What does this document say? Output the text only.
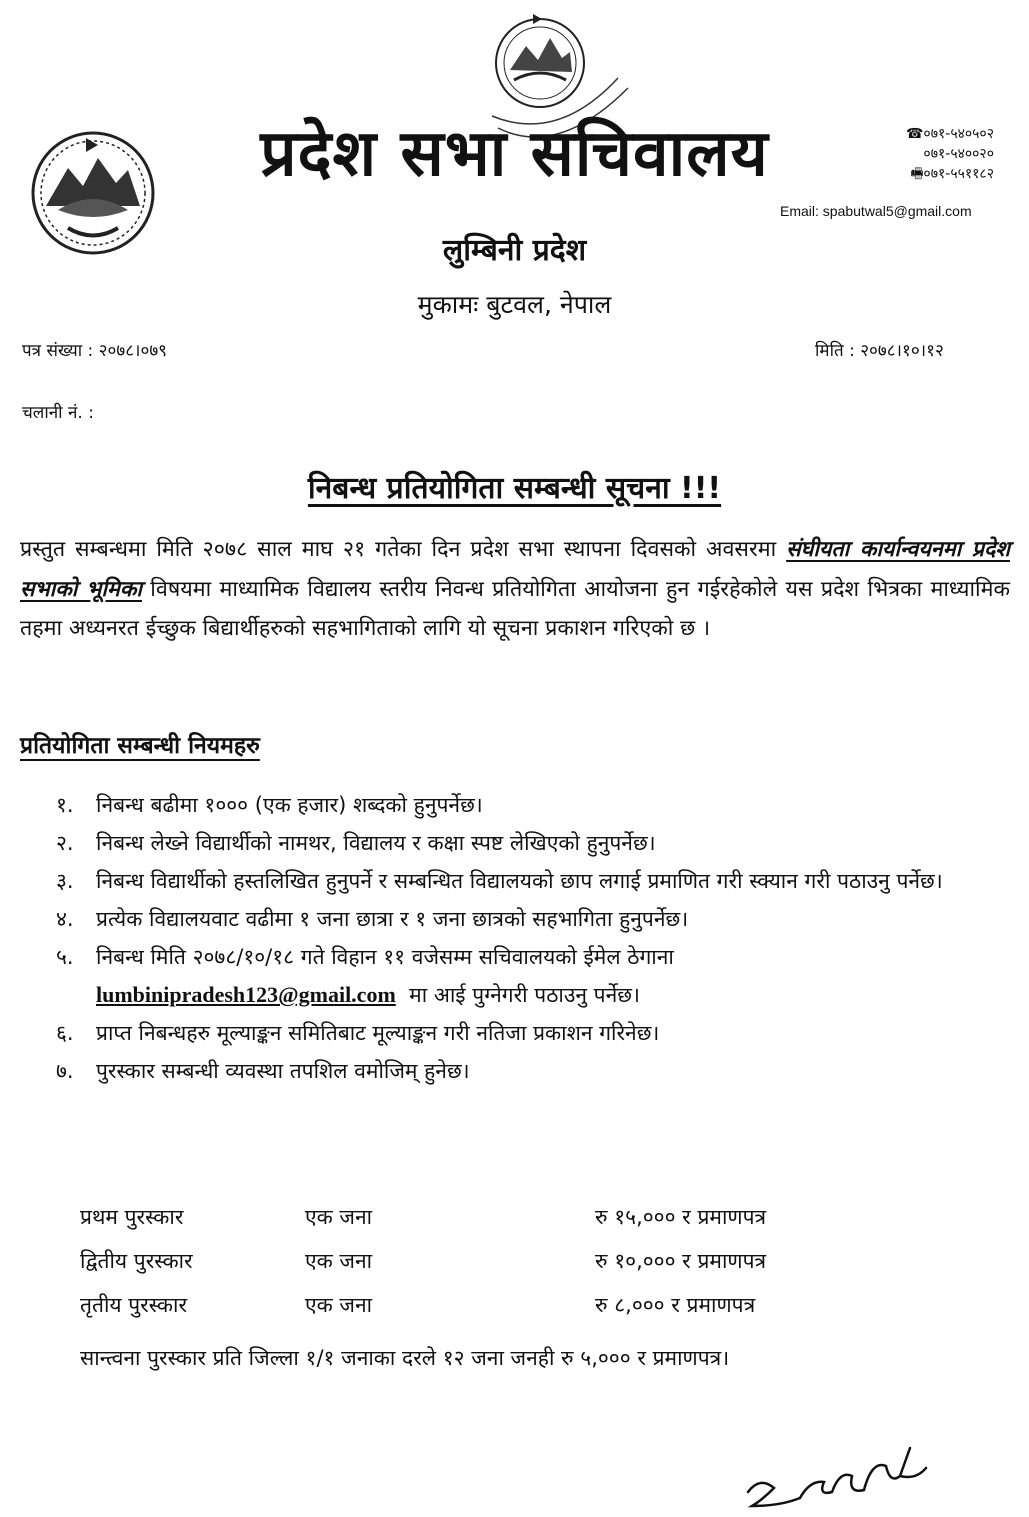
प्रदेश सभा सचिवालय	☎०७१-५४०५०२
०७१-५४००२०
🖷०७१-५५११८२
Email: spabutwal5@gmail.com
लुम्बिनी प्रदेश
मुकामः बुटवल, नेपाल
पत्र संख्या : २०७८।०७९	मिति : २०७८।१०।१२
चलानी नं. :
निबन्ध प्रतियोगिता सम्बन्धी सूचना !!!
प्रस्तुत सम्बन्धमा मिति २०७८ साल माघ २१ गतेका दिन प्रदेश सभा स्थापना दिवसको अवसरमा संघीयता कार्यान्वयनमा प्रदेश सभाको भूमिका विषयमा माध्यामिक विद्यालय स्तरीय निवन्ध प्रतियोगिता आयोजना हुन गईरहेकोले यस प्रदेश भित्रका माध्यामिक तहमा अध्यनरत ईच्छुक बिद्यार्थीहरुको सहभागिताको लागि यो सूचना प्रकाशन गरिएको छ ।
प्रतियोगिता सम्बन्धी नियमहरु

१. निबन्ध बढीमा १००० (एक हजार) शब्दको हुनुपर्नेछ।

२. निबन्ध लेख्ने विद्यार्थीको नामथर, विद्यालय र कक्षा स्पष्ट लेखिएको हुनुपर्नेछ।

३. निबन्ध विद्यार्थीको हस्तलिखित हुनुपर्ने र सम्बन्धित विद्यालयको छाप लगाई प्रमाणित गरी स्क्यान गरी पठाउनु पर्नेछ।

४. प्रत्येक विद्यालयवाट वढीमा १ जना छात्रा र १ जना छात्रको सहभागिता हुनुपर्नेछ।

५. निबन्ध मिति २०७८/१०/१८ गते विहान ११ वजेसम्म सचिवालयको ईमेल ठेगाना
lumbinipradesh123@gmail.com मा आई पुग्नेगरी पठाउनु पर्नेछ।

६. प्राप्त निबन्धहरु मूल्याङ्कन समितिबाट मूल्याङ्कन गरी नतिजा प्रकाशन गरिनेछ।

७. पुरस्कार सम्बन्धी व्यवस्था तपशिल वमोजिम् हुनेछ।

प्रथम पुरस्कार	एक जना	रु १५,००० र प्रमाणपत्र
द्वितीय पुरस्कार	एक जना	रु १०,००० र प्रमाणपत्र
तृतीय पुरस्कार	एक जना	रु ८,००० र प्रमाणपत्र
सान्त्वना पुरस्कार प्रति जिल्ला १/१ जनाका दरले १२ जना जनही रु ५,००० र प्रमाणपत्र।
